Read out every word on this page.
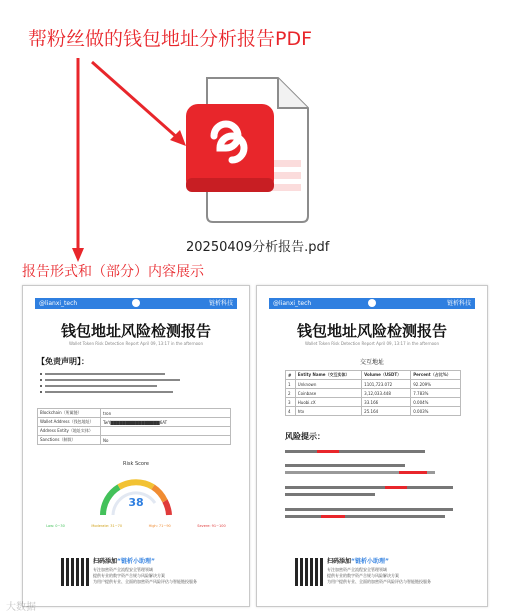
帮粉丝做的钱包地址分析报告PDF
20250409分析报告.pdf
报告形式和（部分）内容展示
@lianxi_tech	链析科技
钱包地址风险检测报告
Wallet Token Risk Detection Report April 09, 13:17 in the afternoon
【免责声明】：
Blockchain（所属链）	tron
Wallet Address（钱包地址）	TwY▇▇▇▇▇▇▇▇▇▇▇▇▇▇▇▇6AT
Address Entity（地址实体）	
Sanctions（制裁）	No
Risk Score
38
Low: 0~30	Moderate: 31~70	High: 71~90	Severe: 91~100
扫码添加“链析小助理”
专注加密资产全流程安全管理领域
提供专业的数字资产合规与风险解决方案
为用户提供专业、全面的加密资产风险评估与智能链投服务
@lianxi_tech	链析科技
钱包地址风险检测报告
Wallet Token Risk Detection Report April 09, 13:17 in the afternoon
交互地址
#	Entity Name（交互实体）	Volume（USDT）	Percent（占比%）
1	Unknown	1101,723.072	92.209%
2	Coinbase	3,12,033.448	7.783%
3	Huobi.cX	33.166	0.004%
4	htx	25.164	0.003%
风险提示：
扫码添加“链析小助理”
专注加密资产全流程安全管理领域
提供专业的数字资产合规与风险解决方案
为用户提供专业、全面的加密资产风险评估与智能链投服务
大数据
